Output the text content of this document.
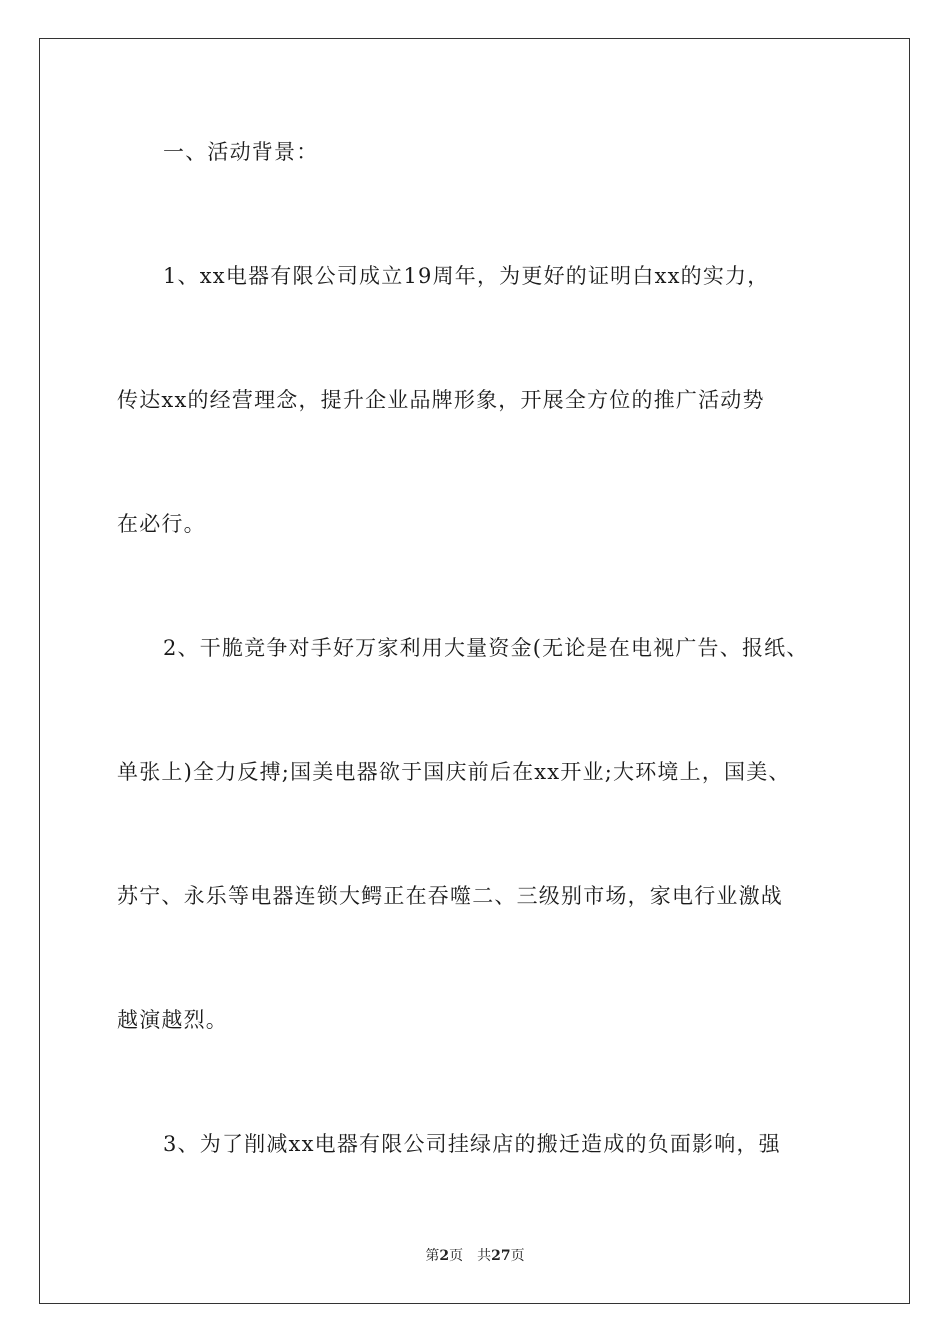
一、活动背景：
1、xx电器有限公司成立19周年，为更好的证明白xx的实力，
传达xx的经营理念，提升企业品牌形象，开展全方位的推广活动势
在必行。
2、干脆竞争对手好万家利用大量资金(无论是在电视广告、报纸、
单张上)全力反搏;国美电器欲于国庆前后在xx开业;大环境上，国美、
苏宁、永乐等电器连锁大鳄正在吞噬二、三级别市场，家电行业激战
越演越烈。
3、为了削减xx电器有限公司挂绿店的搬迁造成的负面影响，强
第2页 共27页
